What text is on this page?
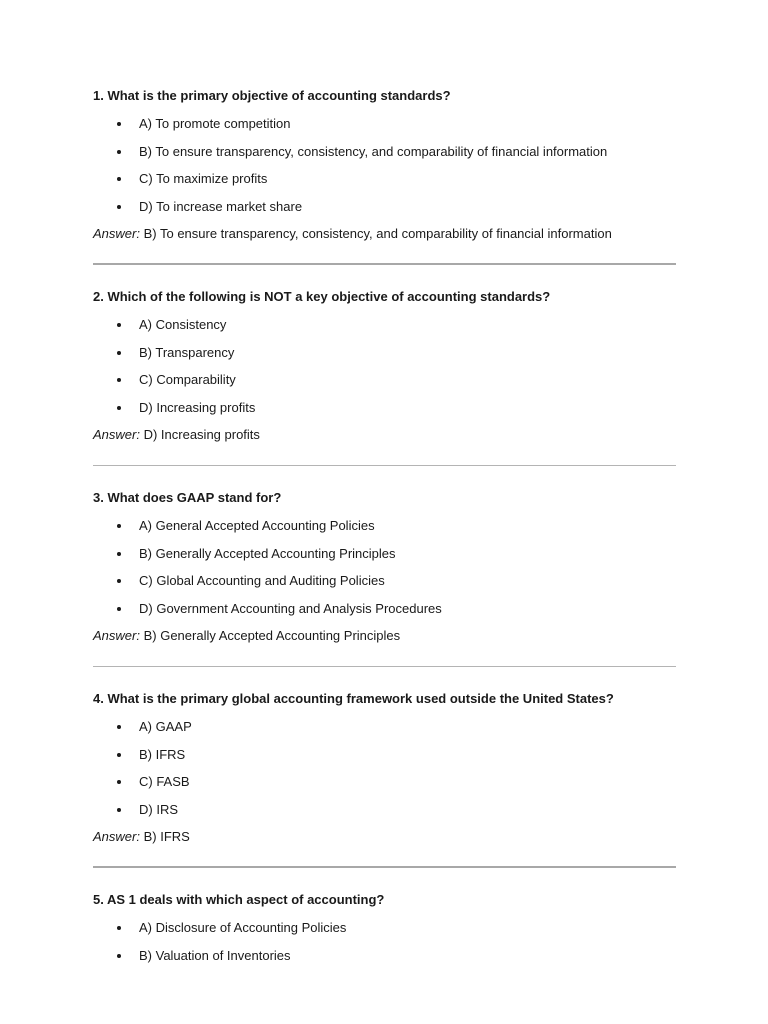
1. What is the primary objective of accounting standards?

A) To promote competition
B) To ensure transparency, consistency, and comparability of financial information
C) To maximize profits
D) To increase market share

Answer: B) To ensure transparency, consistency, and comparability of financial information

2. Which of the following is NOT a key objective of accounting standards?

A) Consistency
B) Transparency
C) Comparability
D) Increasing profits

Answer: D) Increasing profits

3. What does GAAP stand for?

A) General Accepted Accounting Policies
B) Generally Accepted Accounting Principles
C) Global Accounting and Auditing Policies
D) Government Accounting and Analysis Procedures

Answer: B) Generally Accepted Accounting Principles

4. What is the primary global accounting framework used outside the United States?

A) GAAP
B) IFRS
C) FASB
D) IRS

Answer: B) IFRS

5. AS 1 deals with which aspect of accounting?

A) Disclosure of Accounting Policies
B) Valuation of Inventories
